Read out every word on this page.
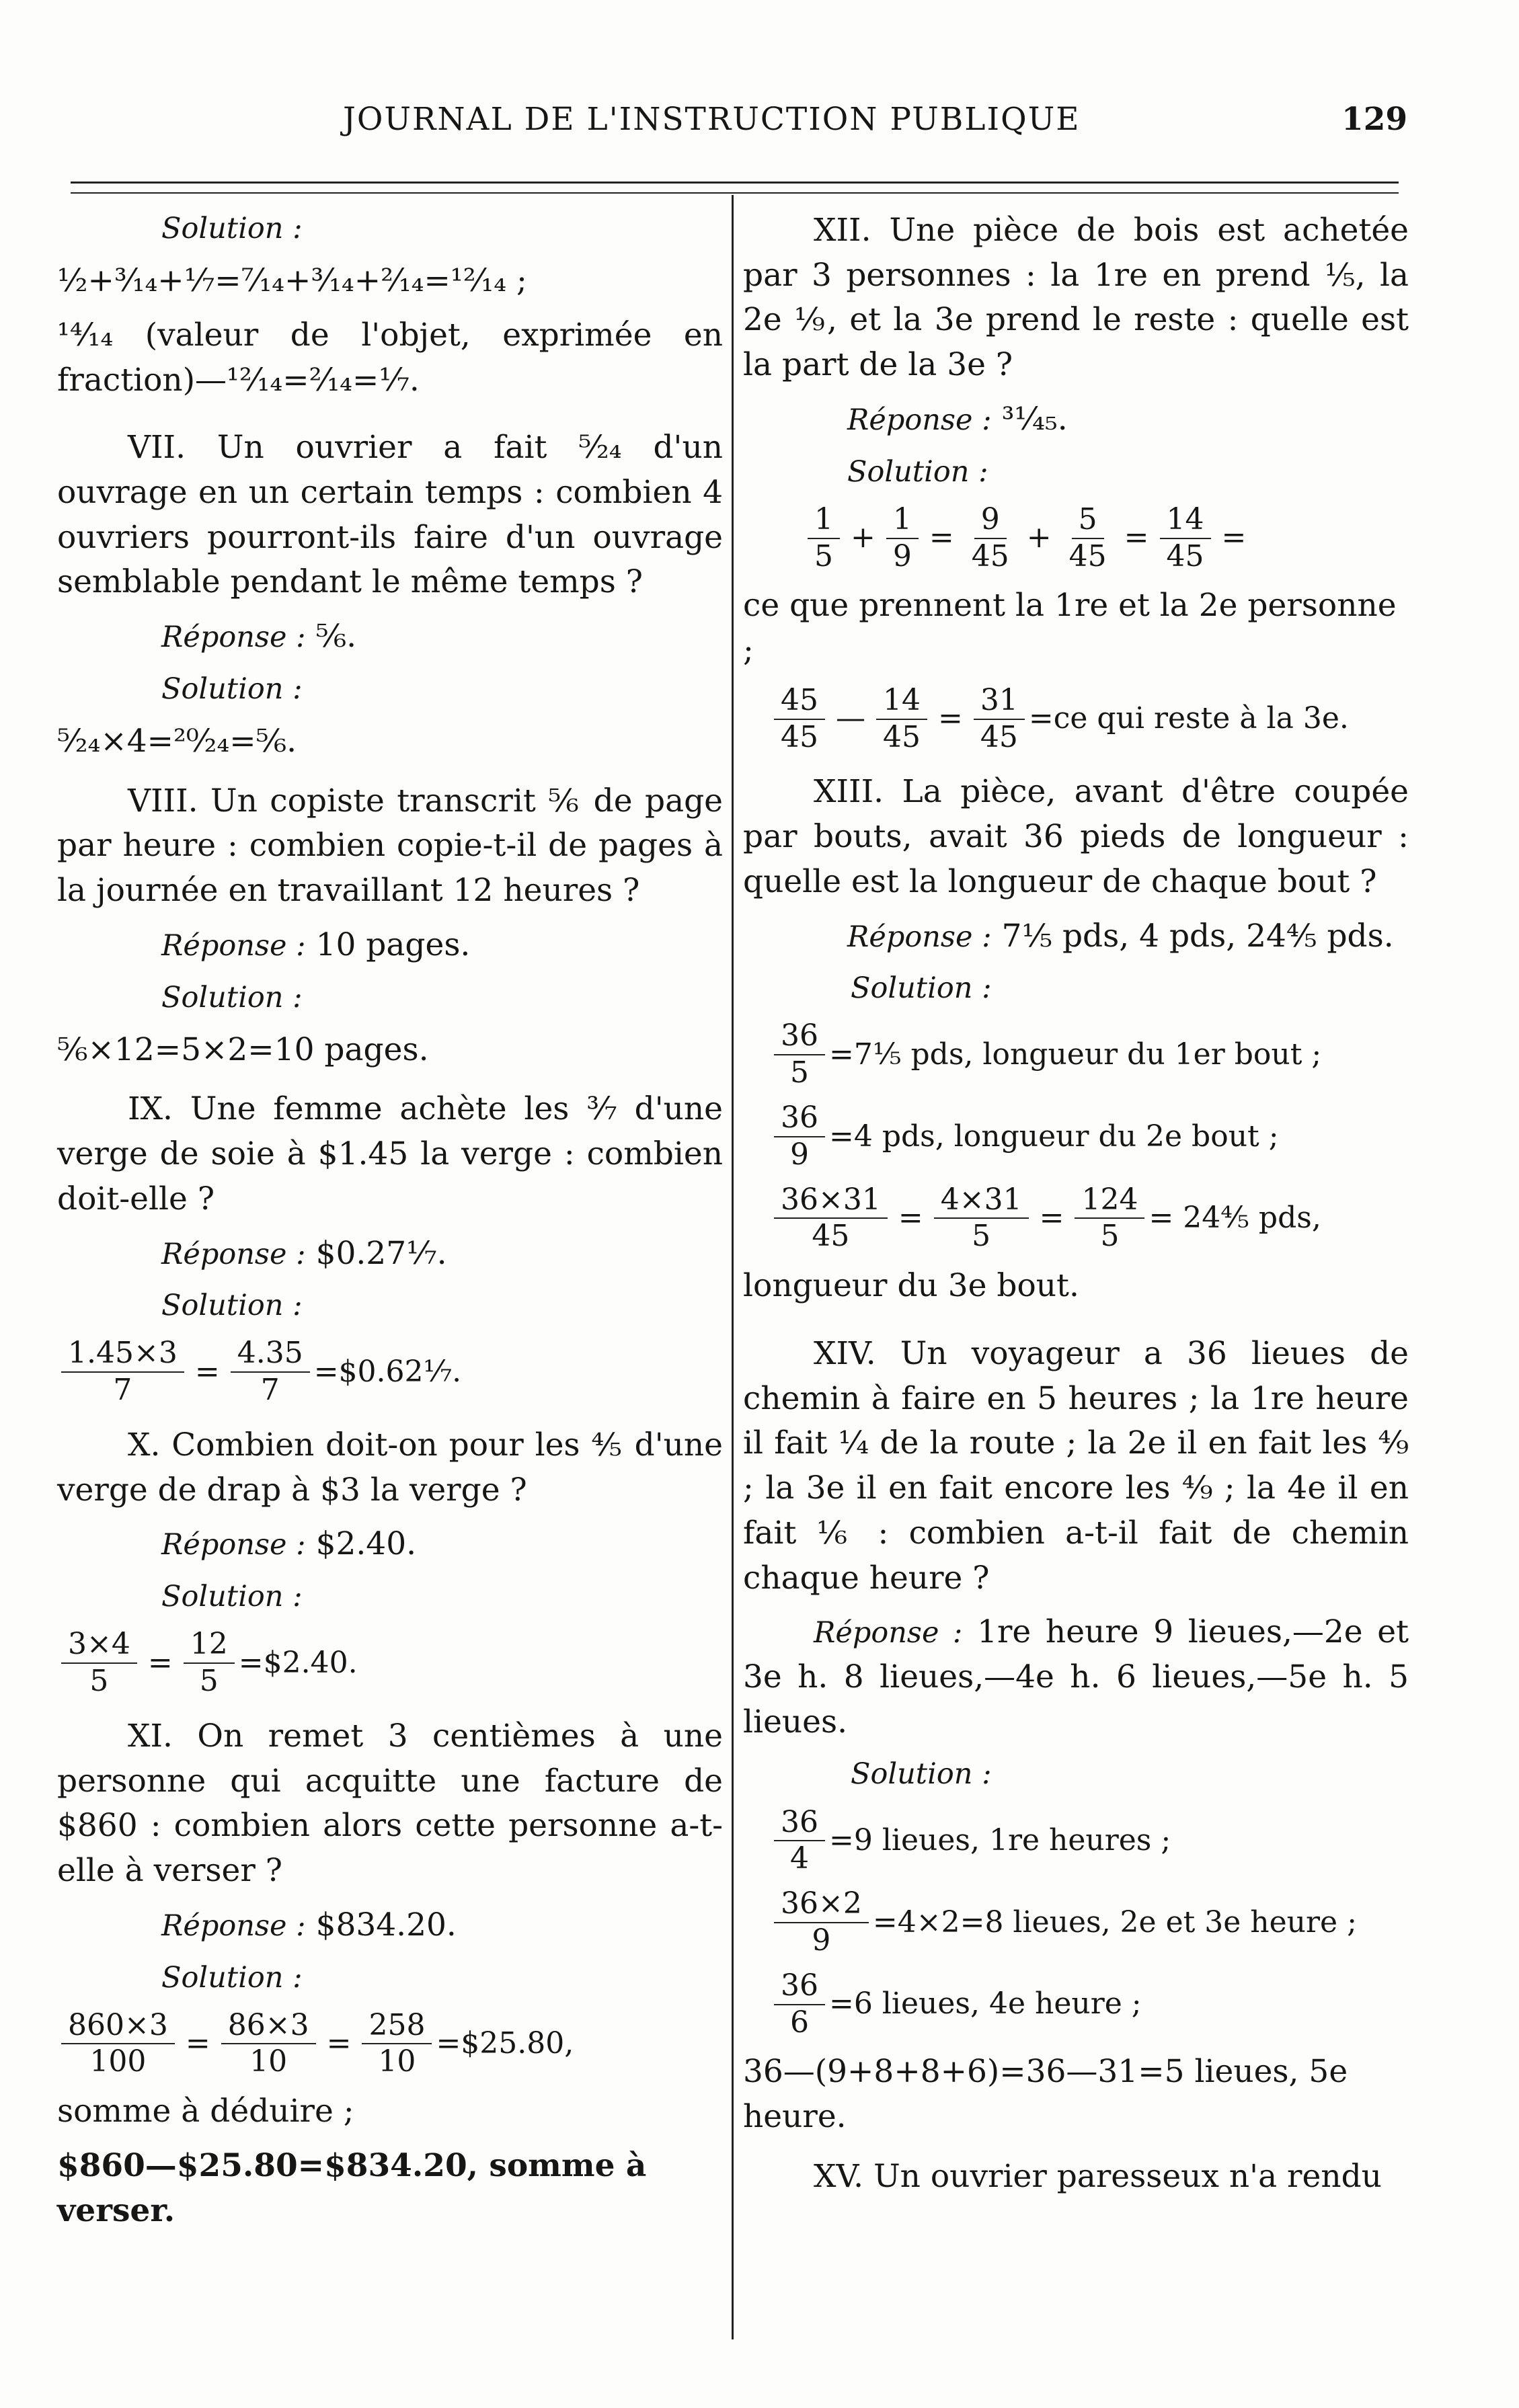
JOURNAL DE L'INSTRUCTION PUBLIQUE	129
Solution :

½+³⁄₁₄+⅐=⁷⁄₁₄+³⁄₁₄+²⁄₁₄=¹²⁄₁₄ ;

¹⁴⁄₁₄ (valeur de l'objet, exprimée en fraction)—¹²⁄₁₄=²⁄₁₄=⅐.

VII. Un ouvrier a fait ⁵⁄₂₄ d'un ouvrage en un certain temps : combien 4 ouvriers pourront-ils faire d'un ouvrage semblable pendant le même temps ?

Réponse : ⅚.

Solution :

⁵⁄₂₄×4=²⁰⁄₂₄=⅚.

VIII. Un copiste transcrit ⅚ de page par heure : combien copie-t-il de pages à la journée en travaillant 12 heures ?

Réponse : 10 pages.

Solution :

⅚×12=5×2=10 pages.

IX. Une femme achète les ³⁄₇ d'une verge de soie à $1.45 la verge : combien doit-elle ?

Réponse : $0.27⅐.

Solution :

$\frac{1.45\times 3}{7} = \frac{4.35}{7}$ =$0.62⅐.

X. Combien doit-on pour les ⅘ d'une verge de drap à $3 la verge ?

Réponse : $2.40.

Solution :

$\frac{3\times 4}{5} = \frac{12}{5}$ =$2.40.

XI. On remet 3 centièmes à une personne qui acquitte une facture de $860 : combien alors cette personne a-t-elle à verser ?

Réponse : $834.20.

Solution :

$\frac{860\times 3}{100} = \frac{86\times 3}{10} = \frac{258}{10}$ =$25.80,

somme à déduire ;

$860—$25.80=$834.20, somme à verser.

XII. Une pièce de bois est achetée par 3 personnes : la 1re en prend ⅕, la 2e ⅑, et la 3e prend le reste : quelle est la part de la 3e ?

Réponse : ³¹⁄₄₅.

Solution :

$\frac{1}{5} + \frac{1}{9} = \frac{9}{45} + \frac{5}{45} = \frac{14}{45}$ =

ce que prennent la 1re et la 2e personne ;

$\frac{45}{45}$ — $\frac{14}{45} = \frac{31}{45} =ce$ qui reste à la 3e.

XIII. La pièce, avant d'être coupée par bouts, avait 36 pieds de longueur : quelle est la longueur de chaque bout ?

Réponse : 7⅕ pds, 4 pds, 24⅘ pds.

Solution :

$\frac{36}{5}$ =7⅕ pds, longueur du 1er bout ;
$\frac{36}{9} =4$ pds, longueur du 2e bout ;
$\frac{36\times 31}{45} = \frac{4\times 31}{5} = \frac{124}{5}$ = 24⅘ pds,

longueur du 3e bout.

XIV. Un voyageur a 36 lieues de chemin à faire en 5 heures ; la 1re heure il fait ¼ de la route ; la 2e il en fait les ⁴⁄₉ ; la 3e il en fait encore les ⁴⁄₉ ; la 4e il en fait ⅙ : combien a-t-il fait de chemin chaque heure ?

Réponse : 1re heure 9 lieues,—2e et 3e h. 8 lieues,—4e h. 6 lieues,—5e h. 5 lieues.

Solution :

$\frac{36}{4} =9$ lieues, 1re heures ;
$\frac{36\times 2}{9} =4\times 2=8$ lieues, 2e et 3e heure ;
$\frac{36}{6} =6$ lieues, 4e heure ;

36—(9+8+8+6)=36—31=5 lieues, 5e heure.

XV. Un ouvrier paresseux n'a rendu
